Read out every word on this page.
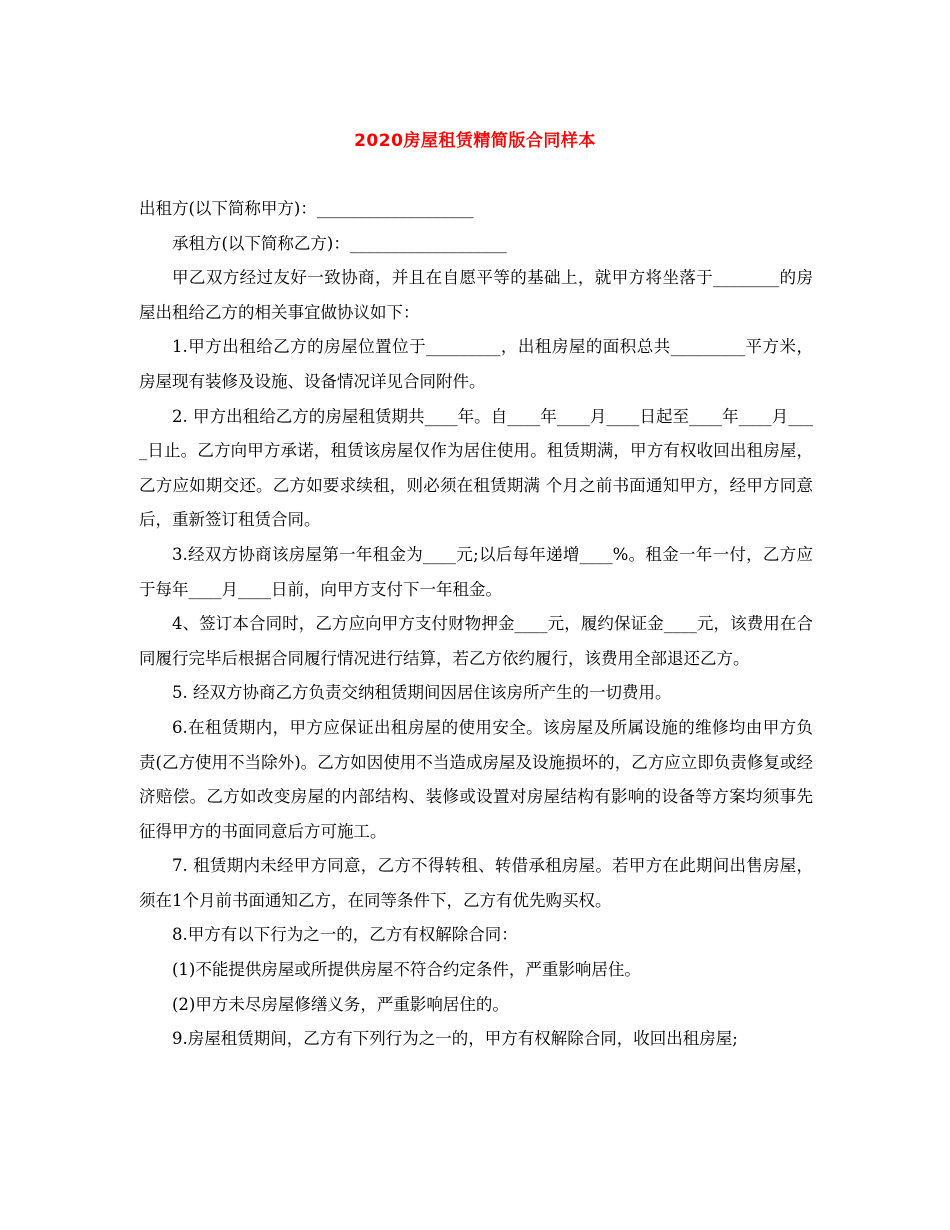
2020房屋租赁精简版合同样本

出租方(以下简称甲方)：___________________

承租方(以下简称乙方)：___________________

甲乙双方经过友好一致协商，并且在自愿平等的基础上，就甲方将坐落于________的房屋出租给乙方的相关事宜做协议如下：

1.甲方出租给乙方的房屋位置位于_________，出租房屋的面积总共_________平方米，房屋现有装修及设施、设备情况详见合同附件。

2. 甲方出租给乙方的房屋租赁期共____年。自____年____月____日起至____年____月____日止。乙方向甲方承诺，租赁该房屋仅作为居住使用。租赁期满，甲方有权收回出租房屋，乙方应如期交还。乙方如要求续租，则必须在租赁期满 个月之前书面通知甲方，经甲方同意后，重新签订租赁合同。

3.经双方协商该房屋第一年租金为____元;以后每年递增____%。租金一年一付，乙方应于每年____月____日前，向甲方支付下一年租金。

4、签订本合同时，乙方应向甲方支付财物押金____元，履约保证金____元，该费用在合同履行完毕后根据合同履行情况进行结算，若乙方依约履行，该费用全部退还乙方。

5. 经双方协商乙方负责交纳租赁期间因居住该房所产生的一切费用。

6.在租赁期内，甲方应保证出租房屋的使用安全。该房屋及所属设施的维修均由甲方负责(乙方使用不当除外)。乙方如因使用不当造成房屋及设施损坏的，乙方应立即负责修复或经济赔偿。乙方如改变房屋的内部结构、装修或设置对房屋结构有影响的设备等方案均须事先征得甲方的书面同意后方可施工。

7. 租赁期内未经甲方同意，乙方不得转租、转借承租房屋。若甲方在此期间出售房屋，须在1个月前书面通知乙方，在同等条件下，乙方有优先购买权。

8.甲方有以下行为之一的，乙方有权解除合同：

(1)不能提供房屋或所提供房屋不符合约定条件，严重影响居住。

(2)甲方未尽房屋修缮义务，严重影响居住的。

9.房屋租赁期间，乙方有下列行为之一的，甲方有权解除合同，收回出租房屋;
